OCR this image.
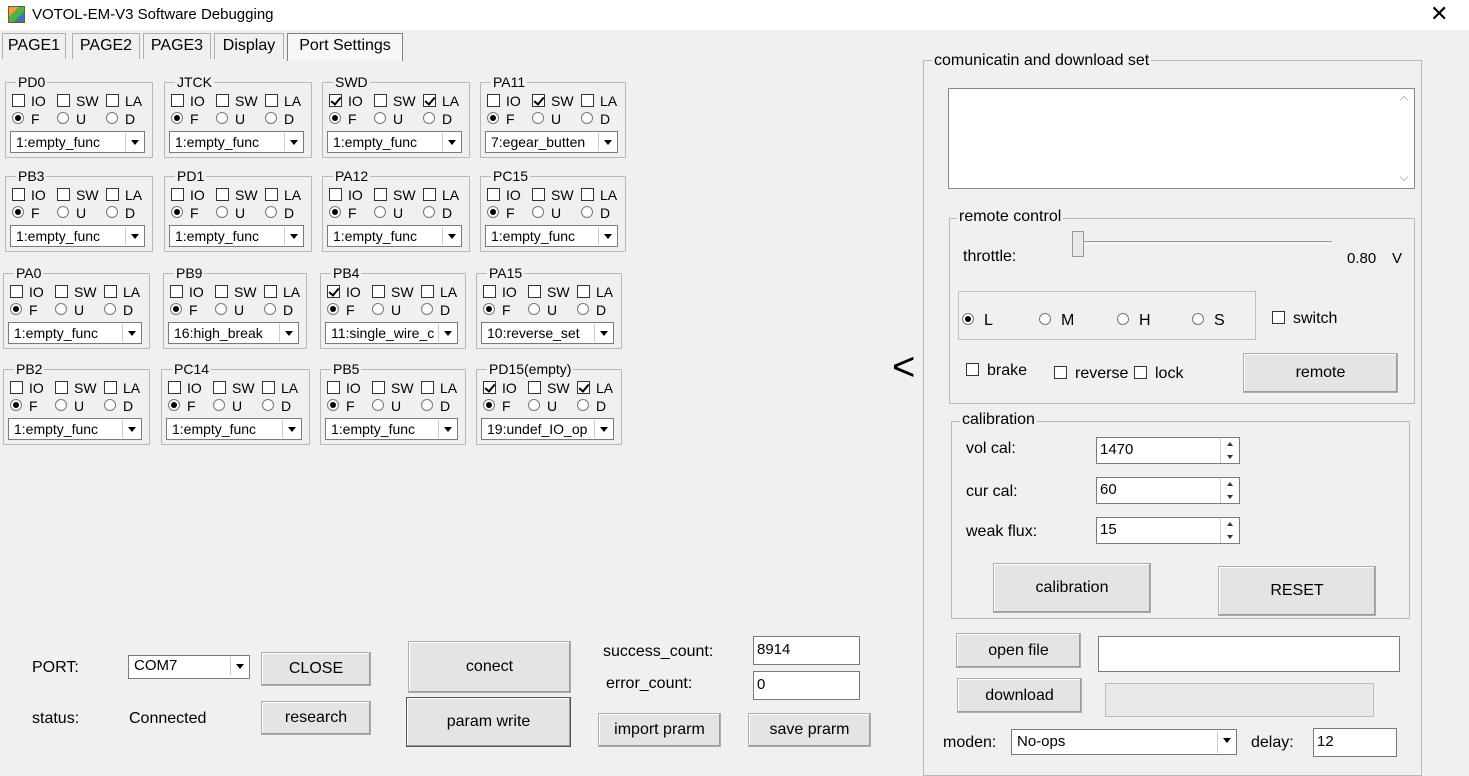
VOTOL-EM-V3 Software Debugging	✕
PAGE1	PAGE2	PAGE3	Display	Port Settings
PD0
IO SW LA
F	U	D
1:empty_func
JTCK
IO SW LA
F	U	D
1:empty_func
SWD
IO SW LA
F	U	D
1:empty_func
PA11
IO SW LA
F	U	D
7:egear_butten
PB3
IO SW LA
F	U	D
1:empty_func
PD1
IO SW LA
F	U	D
1:empty_func
PA12
IO SW LA
F	U	D
1:empty_func
PC15
IO SW LA
F	U	D
1:empty_func
PA0
IO SW LA
F	U	D
1:empty_func
PB9
IO SW LA
F	U	D
16:high_break
PB4
IO SW LA
F	U	D
11:single_wire_c
PA15
IO SW LA
F	U	D
10:reverse_set
PB2
IO SW LA
F	U	D
1:empty_func
PC14
IO SW LA
F	U	D
1:empty_func
PB5
IO SW LA
F	U	D
1:empty_func
PD15(empty)
IO SW LA
F	U	D
19:undef_IO_op
PORT:	COM7	CLOSE
status:	Connected	research
conect
param write
success_count:	8914
error_count:	0
import prarm	save prarm
<
comunicatin and download set
remote control
throttle:	0.80 V
L	M	H	S	switch
brake	reverse	lock	remote
calibration
vol cal:	1470
cur cal:	60
weak flux:	15
calibration	RESET
open file
download
moden:	No-ops	delay: 12
